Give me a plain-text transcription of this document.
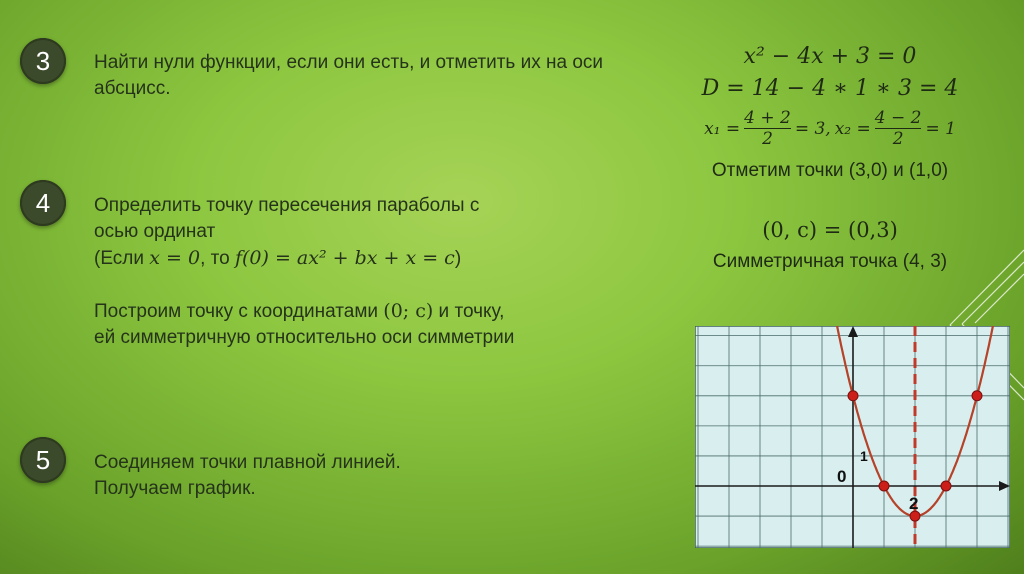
3	Найти нули функции, если они есть, и отметить их на оси абсцисс.
4	Определить точку пересечения параболы с
осью ординат
(Если x = 0, то f(0) = ax² + bx + x = c)
Построим точку с координатами (0; c) и точку,
ей симметричную относительно оси симметрии
5	Соединяем точки плавной линией.
Получаем график.
x² − 4x + 3 = 0
D = 14 − 4 ∗ 1 ∗ 3 = 4
$x_1 = \frac{4 + 2}{2} = 3$, $x_2 = \frac{4 - 2}{2} = 1$
Отметим точки (3,0) и (1,0)
(0, c) = (0,3)
Симметричная точка (4, 3)
0
1
2
